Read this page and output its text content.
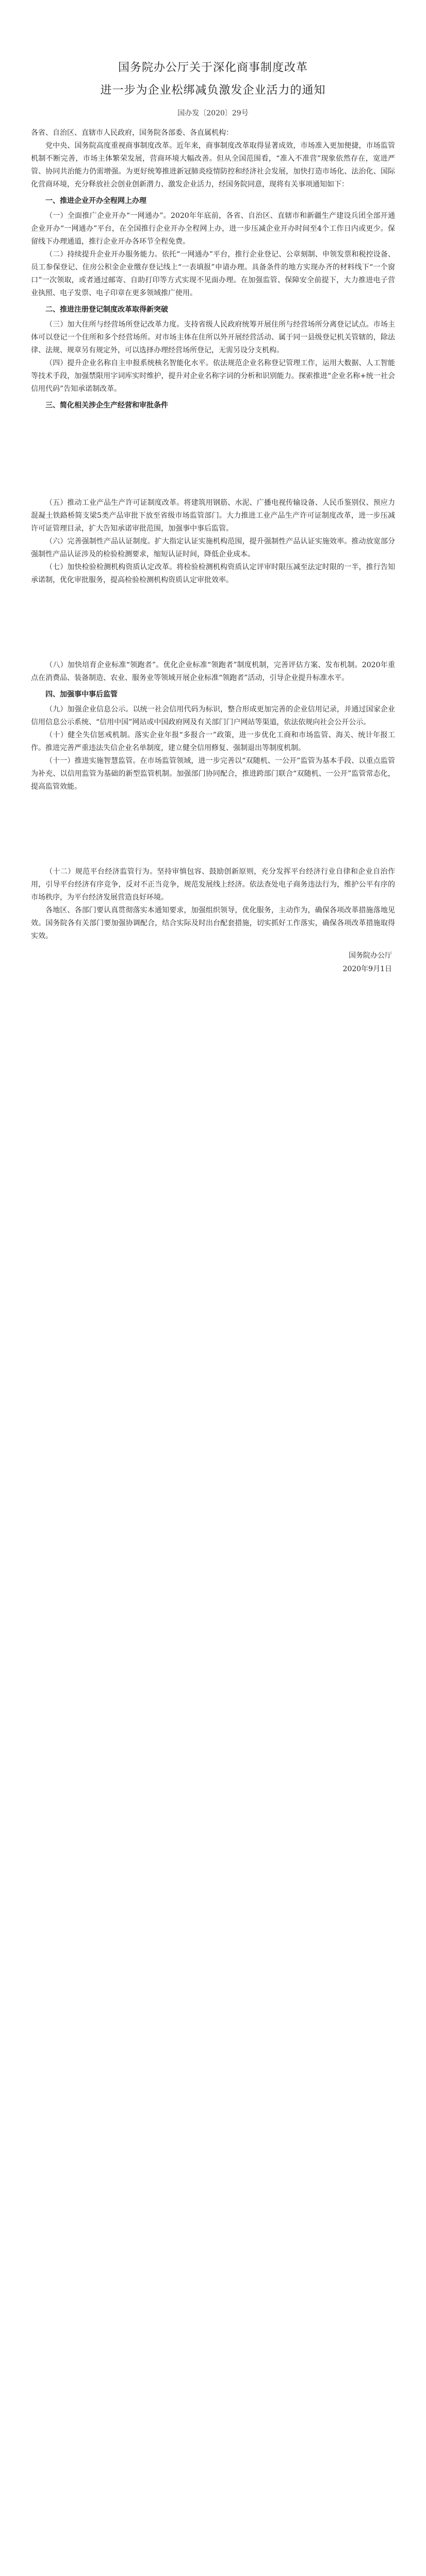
国务院办公厅关于深化商事制度改革
进一步为企业松绑减负激发企业活力的通知
国办发〔2020〕29号

各省、自治区、直辖市人民政府，国务院各部委、各直属机构：

党中央、国务院高度重视商事制度改革。近年来，商事制度改革取得显著成效，市场准入更加便捷，市场监管机制不断完善，市场主体繁荣发展，营商环境大幅改善。但从全国范围看，“准入不准营”现象依然存在，宽进严管、协同共治能力仍需增强。为更好统筹推进新冠肺炎疫情防控和经济社会发展，加快打造市场化、法治化、国际化营商环境，充分释放社会创业创新潜力、激发企业活力，经国务院同意，现将有关事项通知如下：

一、推进企业开办全程网上办理

（一）全面推广企业开办“一网通办”。2020年年底前，各省、自治区、直辖市和新疆生产建设兵团全部开通企业开办“一网通办”平台，在全国推行企业开办全程网上办，进一步压减企业开办时间至4个工作日内或更少。保留线下办理通道，推行企业开办各环节全程免费。

（二）持续提升企业开办服务能力。依托“一网通办”平台，推行企业登记、公章刻制、申领发票和税控设备、员工参保登记、住房公积金企业缴存登记线上“一表填报”申请办理。具备条件的地方实现办齐的材料线下“一个窗口”一次领取，或者通过邮寄、自助打印等方式实现不见面办理。在加强监管、保障安全前提下，大力推进电子营业执照、电子发票、电子印章在更多领域推广使用。

二、推进注册登记制度改革取得新突破

（三）加大住所与经营场所登记改革力度。支持省级人民政府统筹开展住所与经营场所分离登记试点。市场主体可以登记一个住所和多个经营场所。对市场主体在住所以外开展经营活动、属于同一县级登记机关管辖的，除法律、法规、规章另有规定外，可以选择办理经营场所登记，无需另设分支机构。

（四）提升企业名称自主申报系统核名智能化水平。依法规范企业名称登记管理工作，运用大数据、人工智能等技术手段，加强禁限用字词库实时维护，提升对企业名称字词的分析和识别能力。探索推进“企业名称+统一社会信用代码”告知承诺制改革。

三、简化相关涉企生产经营和审批条件

（五）推动工业产品生产许可证制度改革。将建筑用钢筋、水泥、广播电视传输设备、人民币鉴别仪、预应力混凝土铁路桥简支梁5类产品审批下放至省级市场监管部门。大力推进工业产品生产许可证制度改革，进一步压减许可证管理目录，扩大告知承诺审批范围，加强事中事后监管。

（六）完善强制性产品认证制度。扩大指定认证实施机构范围，提升强制性产品认证实施效率。推动放宽部分强制性产品认证涉及的检验检测要求，缩短认证时间，降低企业成本。

（七）加快检验检测机构资质认定改革。将检验检测机构资质认定评审时限压减至法定时限的一半，推行告知承诺制，优化审批服务，提高检验检测机构资质认定审批效率。

（八）加快培育企业标准“领跑者”。优化企业标准“领跑者”制度机制，完善评估方案、发布机制。2020年重点在消费品、装备制造、农业、服务业等领域开展企业标准“领跑者”活动，引导企业提升标准水平。

四、加强事中事后监管

（九）加强企业信息公示。以统一社会信用代码为标识，整合形成更加完善的企业信用记录，并通过国家企业信用信息公示系统、“信用中国”网站或中国政府网及有关部门门户网站等渠道，依法依规向社会公开公示。

（十）健全失信惩戒机制。落实企业年报“多报合一”政策，进一步优化工商和市场监管、海关、统计年报工作。推进完善严重违法失信企业名单制度，建立健全信用修复、强制退出等制度机制。

（十一）推进实施智慧监管。在市场监管领域，进一步完善以“双随机、一公开”监管为基本手段、以重点监管为补充、以信用监管为基础的新型监管机制。加强部门协同配合，推进跨部门联合“双随机、一公开”监管常态化，提高监管效能。

（十二）规范平台经济监管行为。坚持审慎包容、鼓励创新原则，充分发挥平台经济行业自律和企业自治作用，引导平台经济有序竞争，反对不正当竞争，规范发展线上经济。依法查处电子商务违法行为，维护公平有序的市场秩序，为平台经济发展营造良好环境。

各地区、各部门要认真贯彻落实本通知要求，加强组织领导，优化服务，主动作为，确保各项改革措施落地见效。国务院各有关部门要加强协调配合，结合实际及时出台配套措施，切实抓好工作落实，确保各项改革措施取得实效。

国务院办公厅
2020年9月1日
